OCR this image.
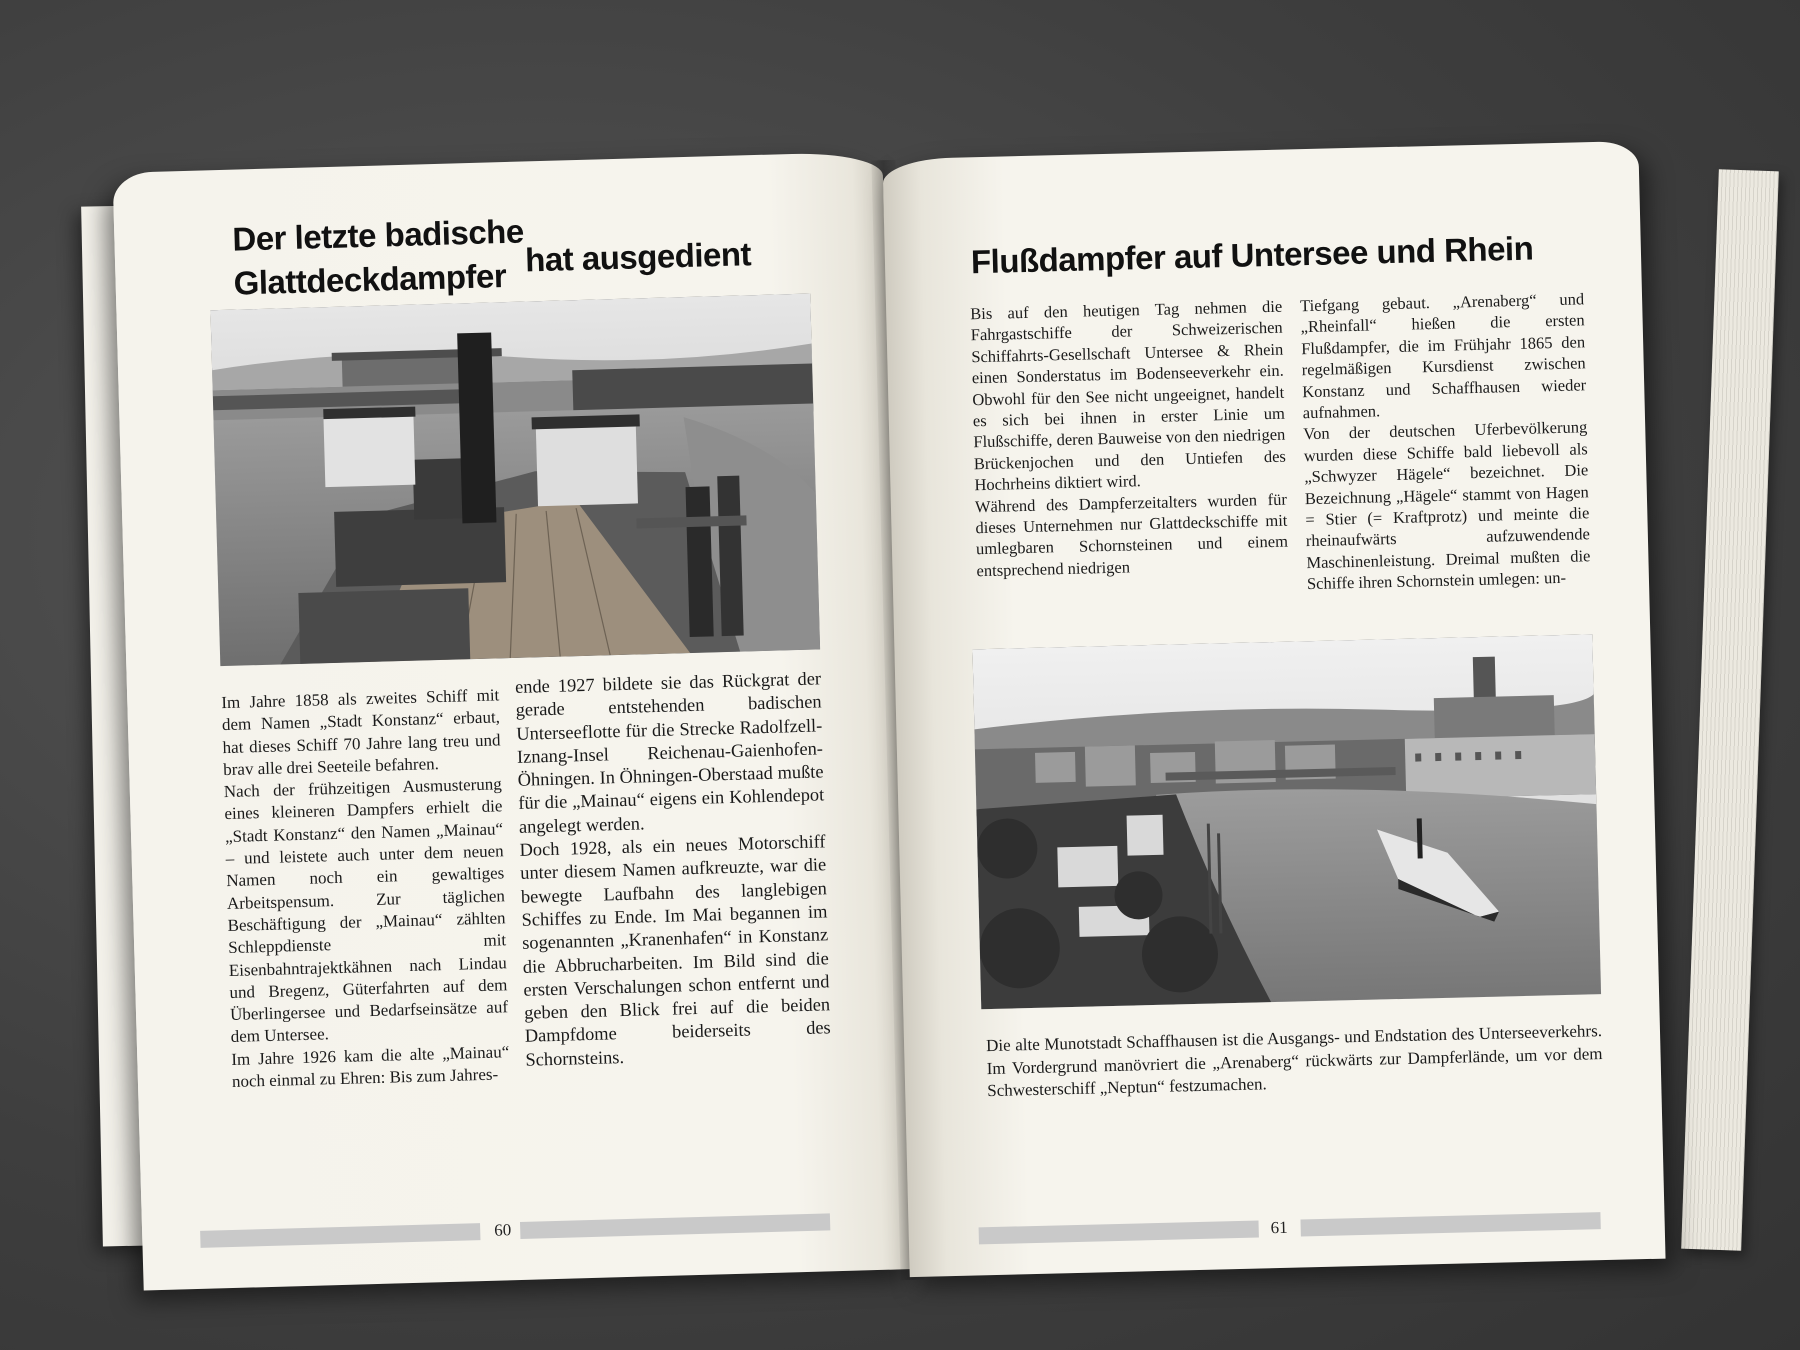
Der letzte badische
Glattdeckdampfer
hat ausgedient

Im Jahre 1858 als zweites Schiff mit dem Namen „Stadt Konstanz“ erbaut, hat dieses Schiff 70 Jahre lang treu und brav alle drei Seeteile befahren.

Nach der frühzeitigen Ausmusterung eines kleineren Dampfers erhielt die „Stadt Konstanz“ den Namen „Mainau“ – und leistete auch unter dem neuen Namen noch ein gewaltiges Arbeitspensum. Zur täglichen Beschäftigung der „Mainau“ zählten Schleppdienste mit Eisenbahntrajektkähnen nach Lindau und Bregenz, Güterfahrten auf dem Überlingersee und Bedarfseinsätze auf dem Untersee.

Im Jahre 1926 kam die alte „Mainau“ noch einmal zu Ehren: Bis zum Jahres-

ende 1927 bildete sie das Rückgrat der gerade entstehenden badischen Unterseeflotte für die Strecke Radolfzell-Iznang-Insel Reichenau-Gaienhofen-Öhningen. In Öhningen-Oberstaad mußte für die „Mainau“ eigens ein Kohlendepot angelegt werden.

Doch 1928, als ein neues Motorschiff unter diesem Namen aufkreuzte, war die bewegte Laufbahn des langlebigen Schiffes zu Ende. Im Mai begannen im sogenannten „Kranenhafen“ in Konstanz die Abbrucharbeiten. Im Bild sind die ersten Verschalungen schon entfernt und geben den Blick frei auf die beiden Dampfdome beiderseits des Schornsteins.

60
Flußdampfer auf Untersee und Rhein

Bis auf den heutigen Tag nehmen die Fahrgastschiffe der Schweizerischen Schiffahrts-Gesellschaft Untersee & Rhein einen Sonderstatus im Bodenseeverkehr ein. Obwohl für den See nicht ungeeignet, handelt es sich bei ihnen in erster Linie um Flußschiffe, deren Bauweise von den niedrigen Brückenjochen und den Untiefen des Hochrheins diktiert wird.

Während des Dampferzeitalters wurden für dieses Unternehmen nur Glattdeckschiffe mit umlegbaren Schornsteinen und einem entsprechend niedrigen

Tiefgang gebaut. „Arenaberg“ und „Rheinfall“ hießen die ersten Flußdampfer, die im Frühjahr 1865 den regelmäßigen Kursdienst zwischen Konstanz und Schaffhausen wieder aufnahmen.

Von der deutschen Uferbevölkerung wurden diese Schiffe bald liebevoll als „Schwyzer Hägele“ bezeichnet. Die Bezeichnung „Hägele“ stammt von Hagen = Stier (= Kraftprotz) und meinte die rheinaufwärts aufzuwendende Maschinenleistung. Dreimal mußten die Schiffe ihren Schornstein umlegen: un-

Die alte Munotstadt Schaffhausen ist die Ausgangs- und Endstation des Unterseeverkehrs. Im Vordergrund manövriert die „Arenaberg“ rückwärts zur Dampferlände, um vor dem Schwesterschiff „Neptun“ festzumachen.
61
